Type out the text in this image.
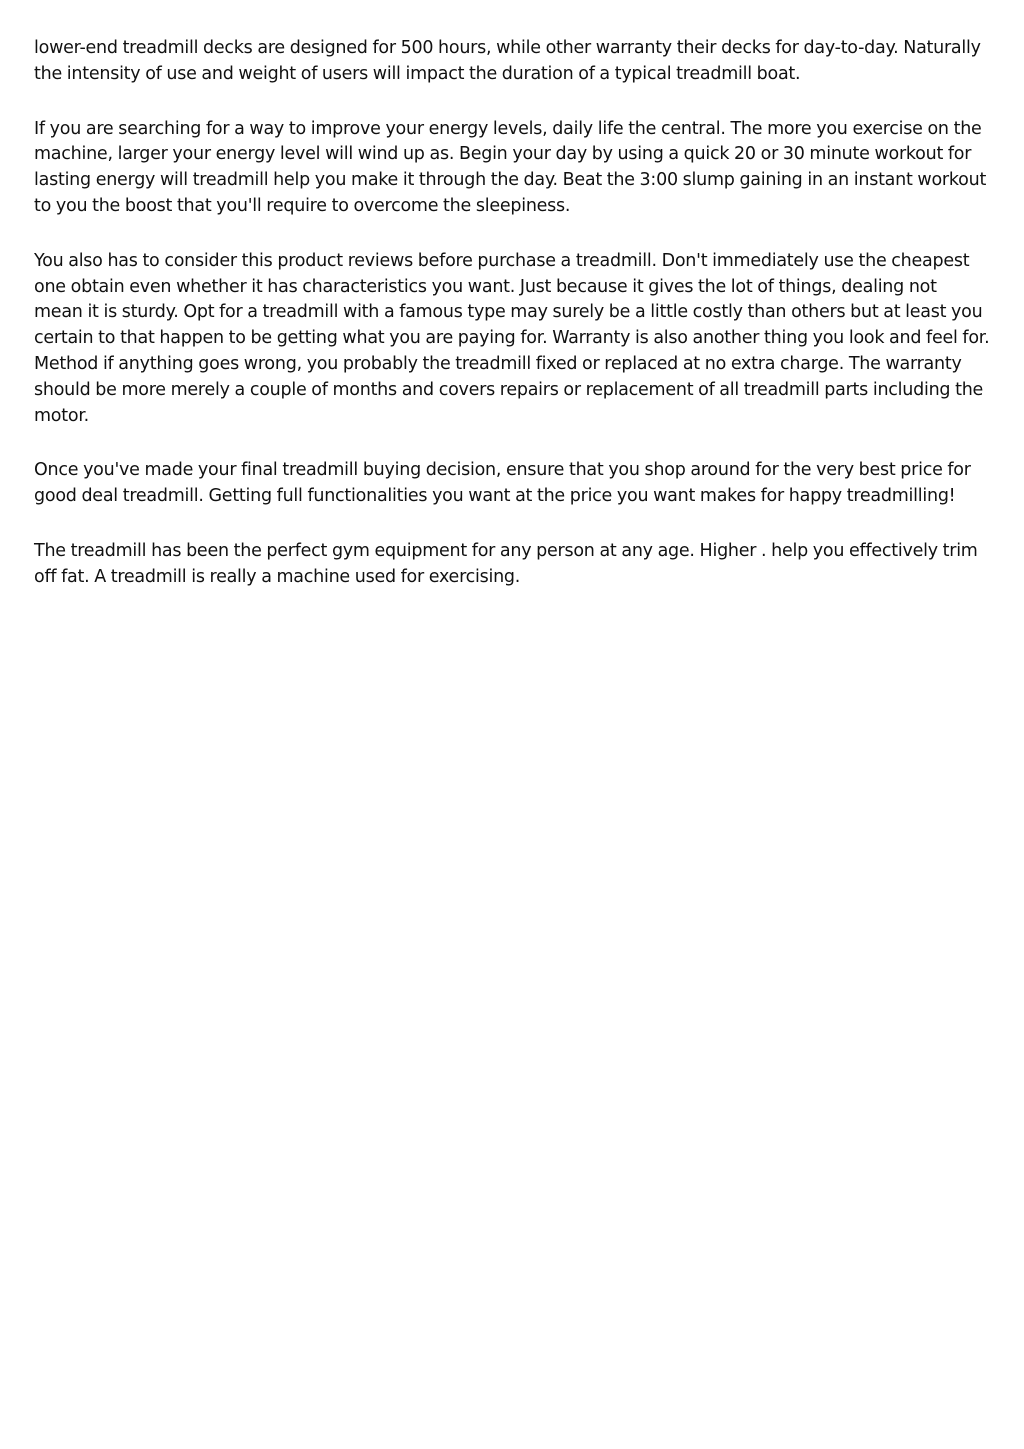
lower-end treadmill decks are designed for 500 hours, while other warranty their decks for day-to-day. Naturally the intensity of use and weight of users will impact the duration of a typical treadmill boat.

If you are searching for a way to improve your energy levels, daily life the central. The more you exercise on the machine, larger your energy level will wind up as. Begin your day by using a quick 20 or 30 minute workout for lasting energy will treadmill help you make it through the day. Beat the 3:00 slump gaining in an instant workout to you the boost that you'll require to overcome the sleepiness.

You also has to consider this product reviews before purchase a treadmill. Don't immediately use the cheapest one obtain even whether it has characteristics you want. Just because it gives the lot of things, dealing not mean it is sturdy. Opt for a treadmill with a famous type may surely be a little costly than others but at least you certain to that happen to be getting what you are paying for. Warranty is also another thing you look and feel for. Method if anything goes wrong, you probably the treadmill fixed or replaced at no extra charge. The warranty should be more merely a couple of months and covers repairs or replacement of all treadmill parts including the motor.

Once you've made your final treadmill buying decision, ensure that you shop around for the very best price for good deal treadmill. Getting full functionalities you want at the price you want makes for happy treadmilling!

The treadmill has been the perfect gym equipment for any person at any age. Higher . help you effectively trim off fat. A treadmill is really a machine used for exercising.
